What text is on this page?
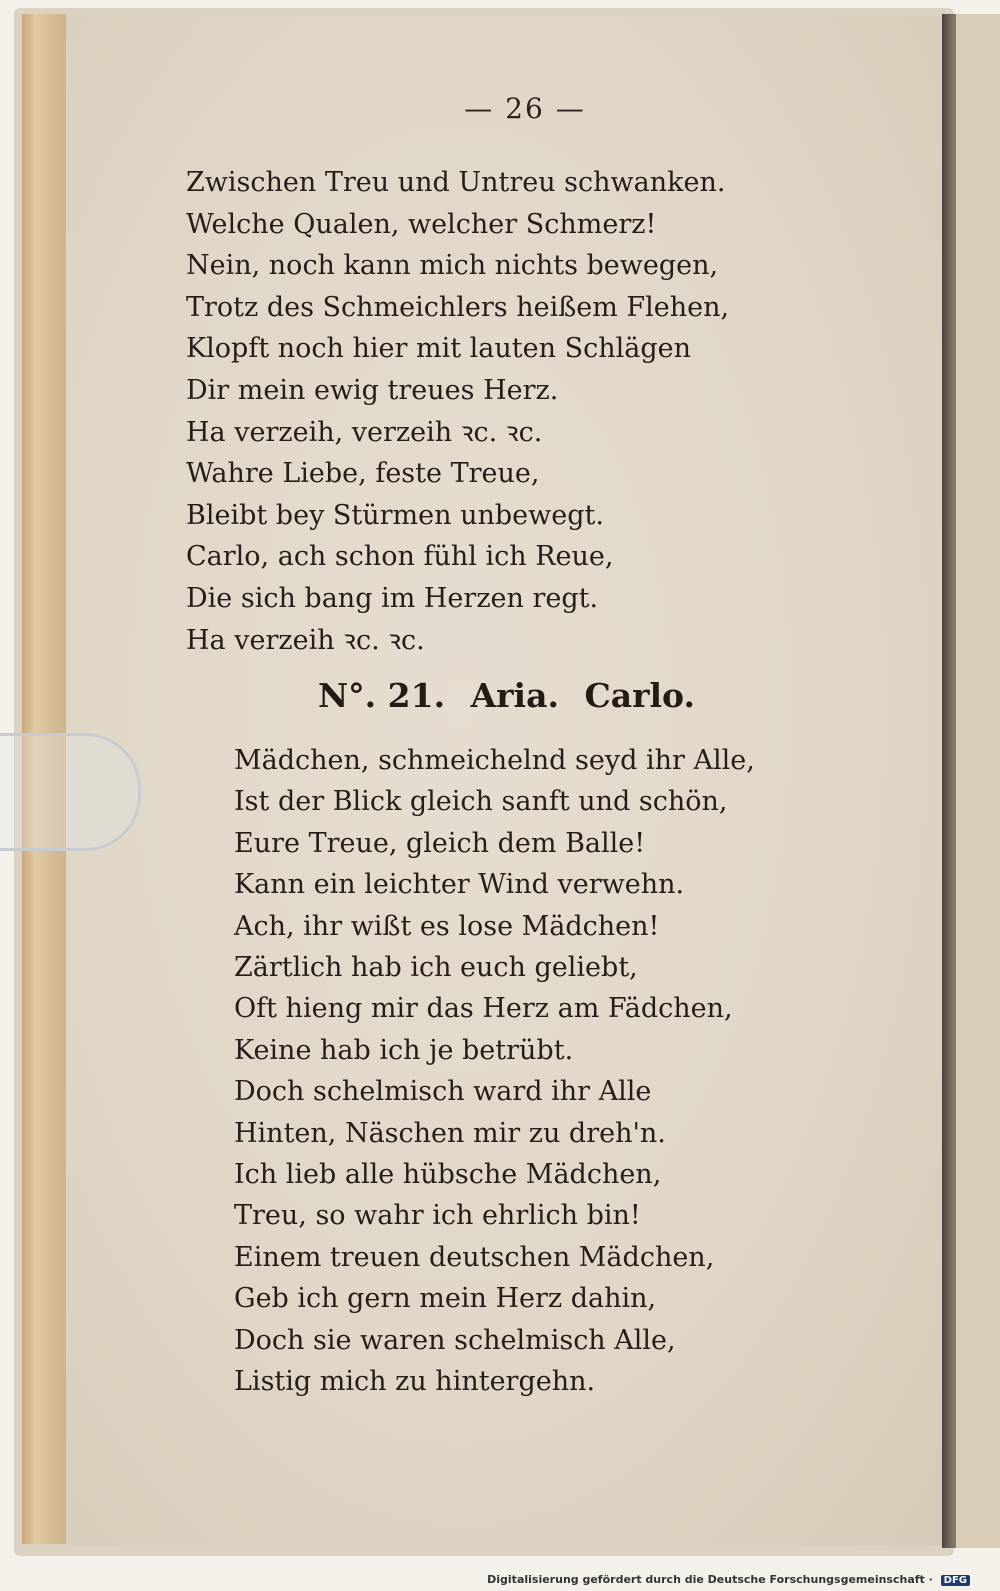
— 26 —
Zwischen Treu und Untreu schwanken.
Welche Qualen, welcher Schmerz!
Nein, noch kann mich nichts bewegen,
Trotz des Schmeichlers heißem Flehen,
Klopft noch hier mit lauten Schlägen
Dir mein ewig treues Herz.
Ha verzeih, verzeih ꝛc. ꝛc.
Wahre Liebe, feste Treue,
Bleibt bey Stürmen unbewegt.
Carlo, ach schon fühl ich Reue,
Die sich bang im Herzen regt.
Ha verzeih ꝛc. ꝛc.
N°. 21. Aria. Carlo.
Mädchen, schmeichelnd seyd ihr Alle,
Ist der Blick gleich sanft und schön,
Eure Treue, gleich dem Balle!
Kann ein leichter Wind verwehn.
Ach, ihr wißt es lose Mädchen!
Zärtlich hab ich euch geliebt,
Oft hieng mir das Herz am Fädchen,
Keine hab ich je betrübt.
Doch schelmisch ward ihr Alle
Hinten, Näschen mir zu dreh'n.
Ich lieb alle hübsche Mädchen,
Treu, so wahr ich ehrlich bin!
Einem treuen deutschen Mädchen,
Geb ich gern mein Herz dahin,
Doch sie waren schelmisch Alle,
Listig mich zu hintergehn.
Digitalisierung gefördert durch die Deutsche Forschungsgemeinschaft · DFG
